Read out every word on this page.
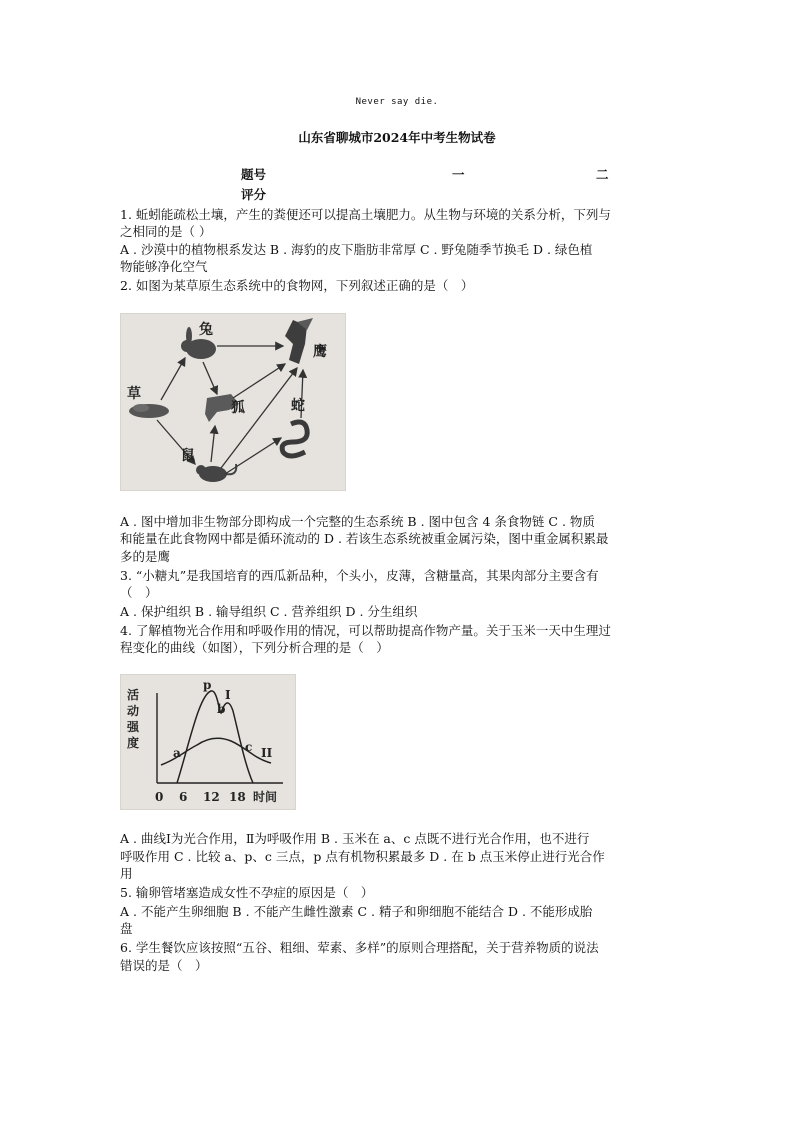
Never say die.
山东省聊城市2024年中考生物试卷
题号	一	二
评分
1. 蚯蚓能疏松土壤，产生的粪便还可以提高土壤肥力。从生物与环境的关系分析，下列与
之相同的是（ ）
A . 沙漠中的植物根系发达 B . 海豹的皮下脂肪非常厚 C . 野兔随季节换毛 D . 绿色植
物能够净化空气
2. 如图为某草原生态系统中的食物网，下列叙述正确的是（　）
兔
鹰
草
狐	蛇
鼠
A . 图中增加非生物部分即构成一个完整的生态系统 B . 图中包含 4 条食物链 C . 物质
和能量在此食物网中都是循环流动的 D . 若该生态系统被重金属污染，图中重金属积累最
多的是鹰
3. “小糖丸”是我国培育的西瓜新品种，个头小，皮薄，含糖量高，其果肉部分主要含有
（　）
A . 保护组织 B . 输导组织 C . 营养组织 D . 分生组织
4. 了解植物光合作用和呼吸作用的情况，可以帮助提高作物产量。关于玉米一天中生理过
程变化的曲线（如图），下列分析合理的是（　）
活
动
强
度
p
b
I
a	c II
0 6 12 18 时间
A . 曲线Ⅰ为光合作用，Ⅱ为呼吸作用 B . 玉米在 a、c 点既不进行光合作用，也不进行
呼吸作用 C . 比较 a、p、c 三点，p 点有机物积累最多 D . 在 b 点玉米停止进行光合作
用
5. 输卵管堵塞造成女性不孕症的原因是（　）
A . 不能产生卵细胞 B . 不能产生雌性激素 C . 精子和卵细胞不能结合 D . 不能形成胎
盘
6. 学生餐饮应该按照“五谷、粗细、荤素、多样”的原则合理搭配，关于营养物质的说法
错误的是（　）
